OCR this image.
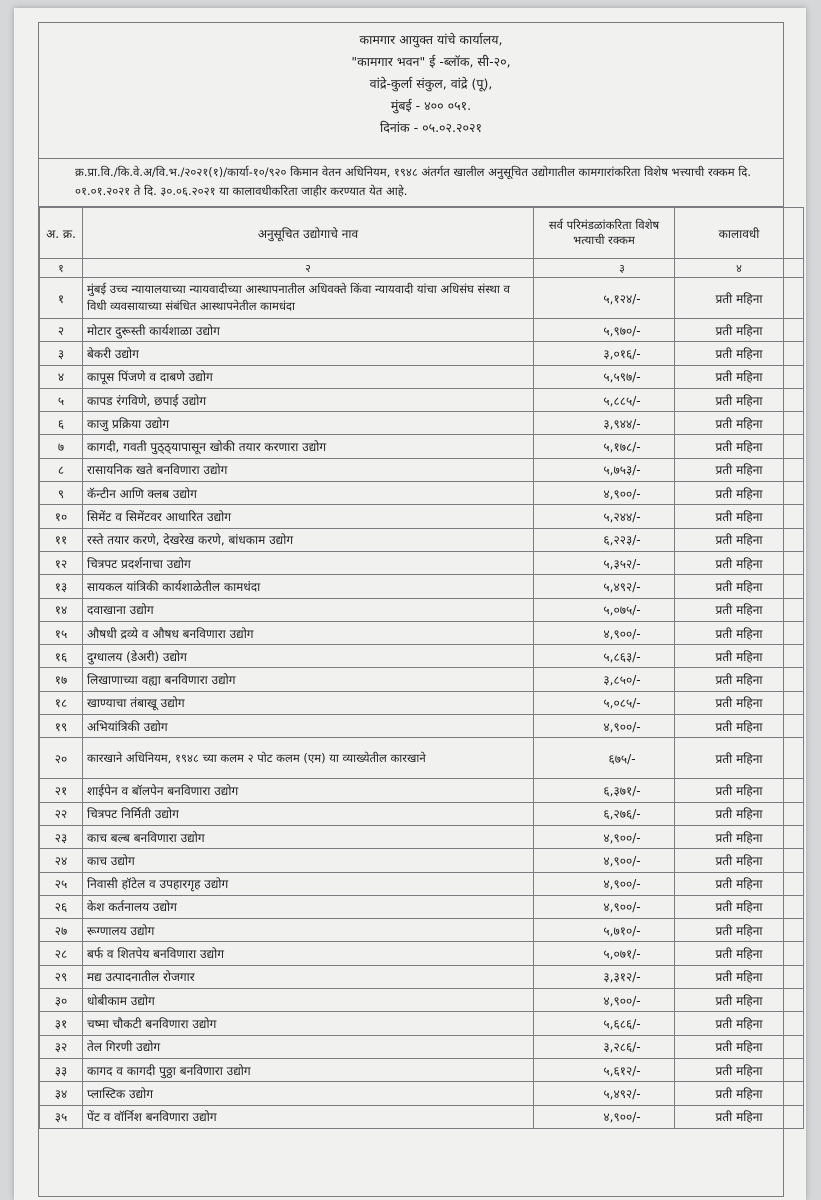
कामगार आयुक्त यांचे कार्यालय,
"कामगार भवन" ई -ब्लॉक, सी-२०,
वांद्रे-कुर्ला संकुल, वांद्रे (पू),
मुंबई - ४०० ०५१.
दिनांक - ०५.०२.२०२१
क्र.प्रा.वि./कि.वे.अ/वि.भ./२०२१(१)/कार्या-१०/९२० किमान वेतन अधिनियम, १९४८ अंतर्गत खालील अनुसूचित उद्योगातील कामगारांकरिता विशेष भत्त्याची रक्कम दि. ०१.०१.२०२१ ते दि. ३०.०६.२०२१ या कालावधीकरिता जाहीर करण्यात येत आहे.
अ. क्र.	अनुसूचित उद्योगाचे नाव	सर्व परिमंडळांकरिता विशेष भत्याची रक्कम	कालावधी
१	२	३	४
१	मुंबई उच्च न्यायालयाच्या न्यायवादीच्या आस्थापनातील अधिवक्ते किंवा न्यायवादी यांचा अधिसंघ संस्था व विधी व्यवसायाच्या संबंधित आस्थापनेतील कामधंदा	५,१२४/-	प्रती महिना
२	मोटार दुरूस्ती कार्यशाळा उद्योग	५,९७०/-	प्रती महिना
३	बेकरी उद्योग	३,०१६/-	प्रती महिना
४	कापूस पिंजणे व दाबणे उद्योग	५,५९७/-	प्रती महिना
५	कापड रंगविणे, छपाई उद्योग	५,८८५/-	प्रती महिना
६	काजु प्रक्रिया उद्योग	३,९४४/-	प्रती महिना
७	कागदी, गवती पुठ्ठ्यापासून खोकी तयार करणारा उद्योग	५,१७८/-	प्रती महिना
८	रासायनिक खते बनविणारा उद्योग	५,७५३/-	प्रती महिना
९	कॅन्टीन आणि क्लब उद्योग	४,९००/-	प्रती महिना
१०	सिमेंट व सिमेंटवर आधारित उद्योग	५,२४४/-	प्रती महिना
११	रस्ते तयार करणे, देखरेख करणे, बांधकाम उद्योग	६,२२३/-	प्रती महिना
१२	चित्रपट प्रदर्शनाचा उद्योग	५,३५२/-	प्रती महिना
१३	सायकल यांत्रिकी कार्यशाळेतील कामधंदा	५,४९२/-	प्रती महिना
१४	दवाखाना उद्योग	५,०७५/-	प्रती महिना
१५	औषधी द्रव्ये व औषध बनविणारा उद्योग	४,९००/-	प्रती महिना
१६	दुग्धालय (डेअरी) उद्योग	५,८६३/-	प्रती महिना
१७	लिखाणाच्या वह्या बनविणारा उद्योग	३,८५०/-	प्रती महिना
१८	खाण्याचा तंबाखू उद्योग	५,०८५/-	प्रती महिना
१९	अभियांत्रिकी उद्योग	४,९००/-	प्रती महिना
२०	कारखाने अधिनियम, १९४८ च्या कलम २ पोट कलम (एम) या व्याख्येतील कारखाने	६७५/-	प्रती महिना
२१	शाईपेन व बॉलपेन बनविणारा उद्योग	६,३७१/-	प्रती महिना
२२	चित्रपट निर्मिती उद्योग	६,२७६/-	प्रती महिना
२३	काच बल्ब बनविणारा उद्योग	४,९००/-	प्रती महिना
२४	काच उद्योग	४,९००/-	प्रती महिना
२५	निवासी हॉटेल व उपहारगृह उद्योग	४,९००/-	प्रती महिना
२६	केश कर्तनालय उद्योग	४,९००/-	प्रती महिना
२७	रूग्णालय उद्योग	५,७१०/-	प्रती महिना
२८	बर्फ व शितपेय बनविणारा उद्योग	५,०७१/-	प्रती महिना
२९	मद्य उत्पादनातील रोजगार	३,३१२/-	प्रती महिना
३०	धोबीकाम उद्योग	४,९००/-	प्रती महिना
३१	चष्मा चौकटी बनविणारा उद्योग	५,६८६/-	प्रती महिना
३२	तेल गिरणी उद्योग	३,२८६/-	प्रती महिना
३३	कागद व कागदी पुठ्ठा बनविणारा उद्योग	५,६१२/-	प्रती महिना
३४	प्लास्टिक उद्योग	५,४९२/-	प्रती महिना
३५	पेंट व वॉर्निश बनविणारा उद्योग	४,९००/-	प्रती महिना
